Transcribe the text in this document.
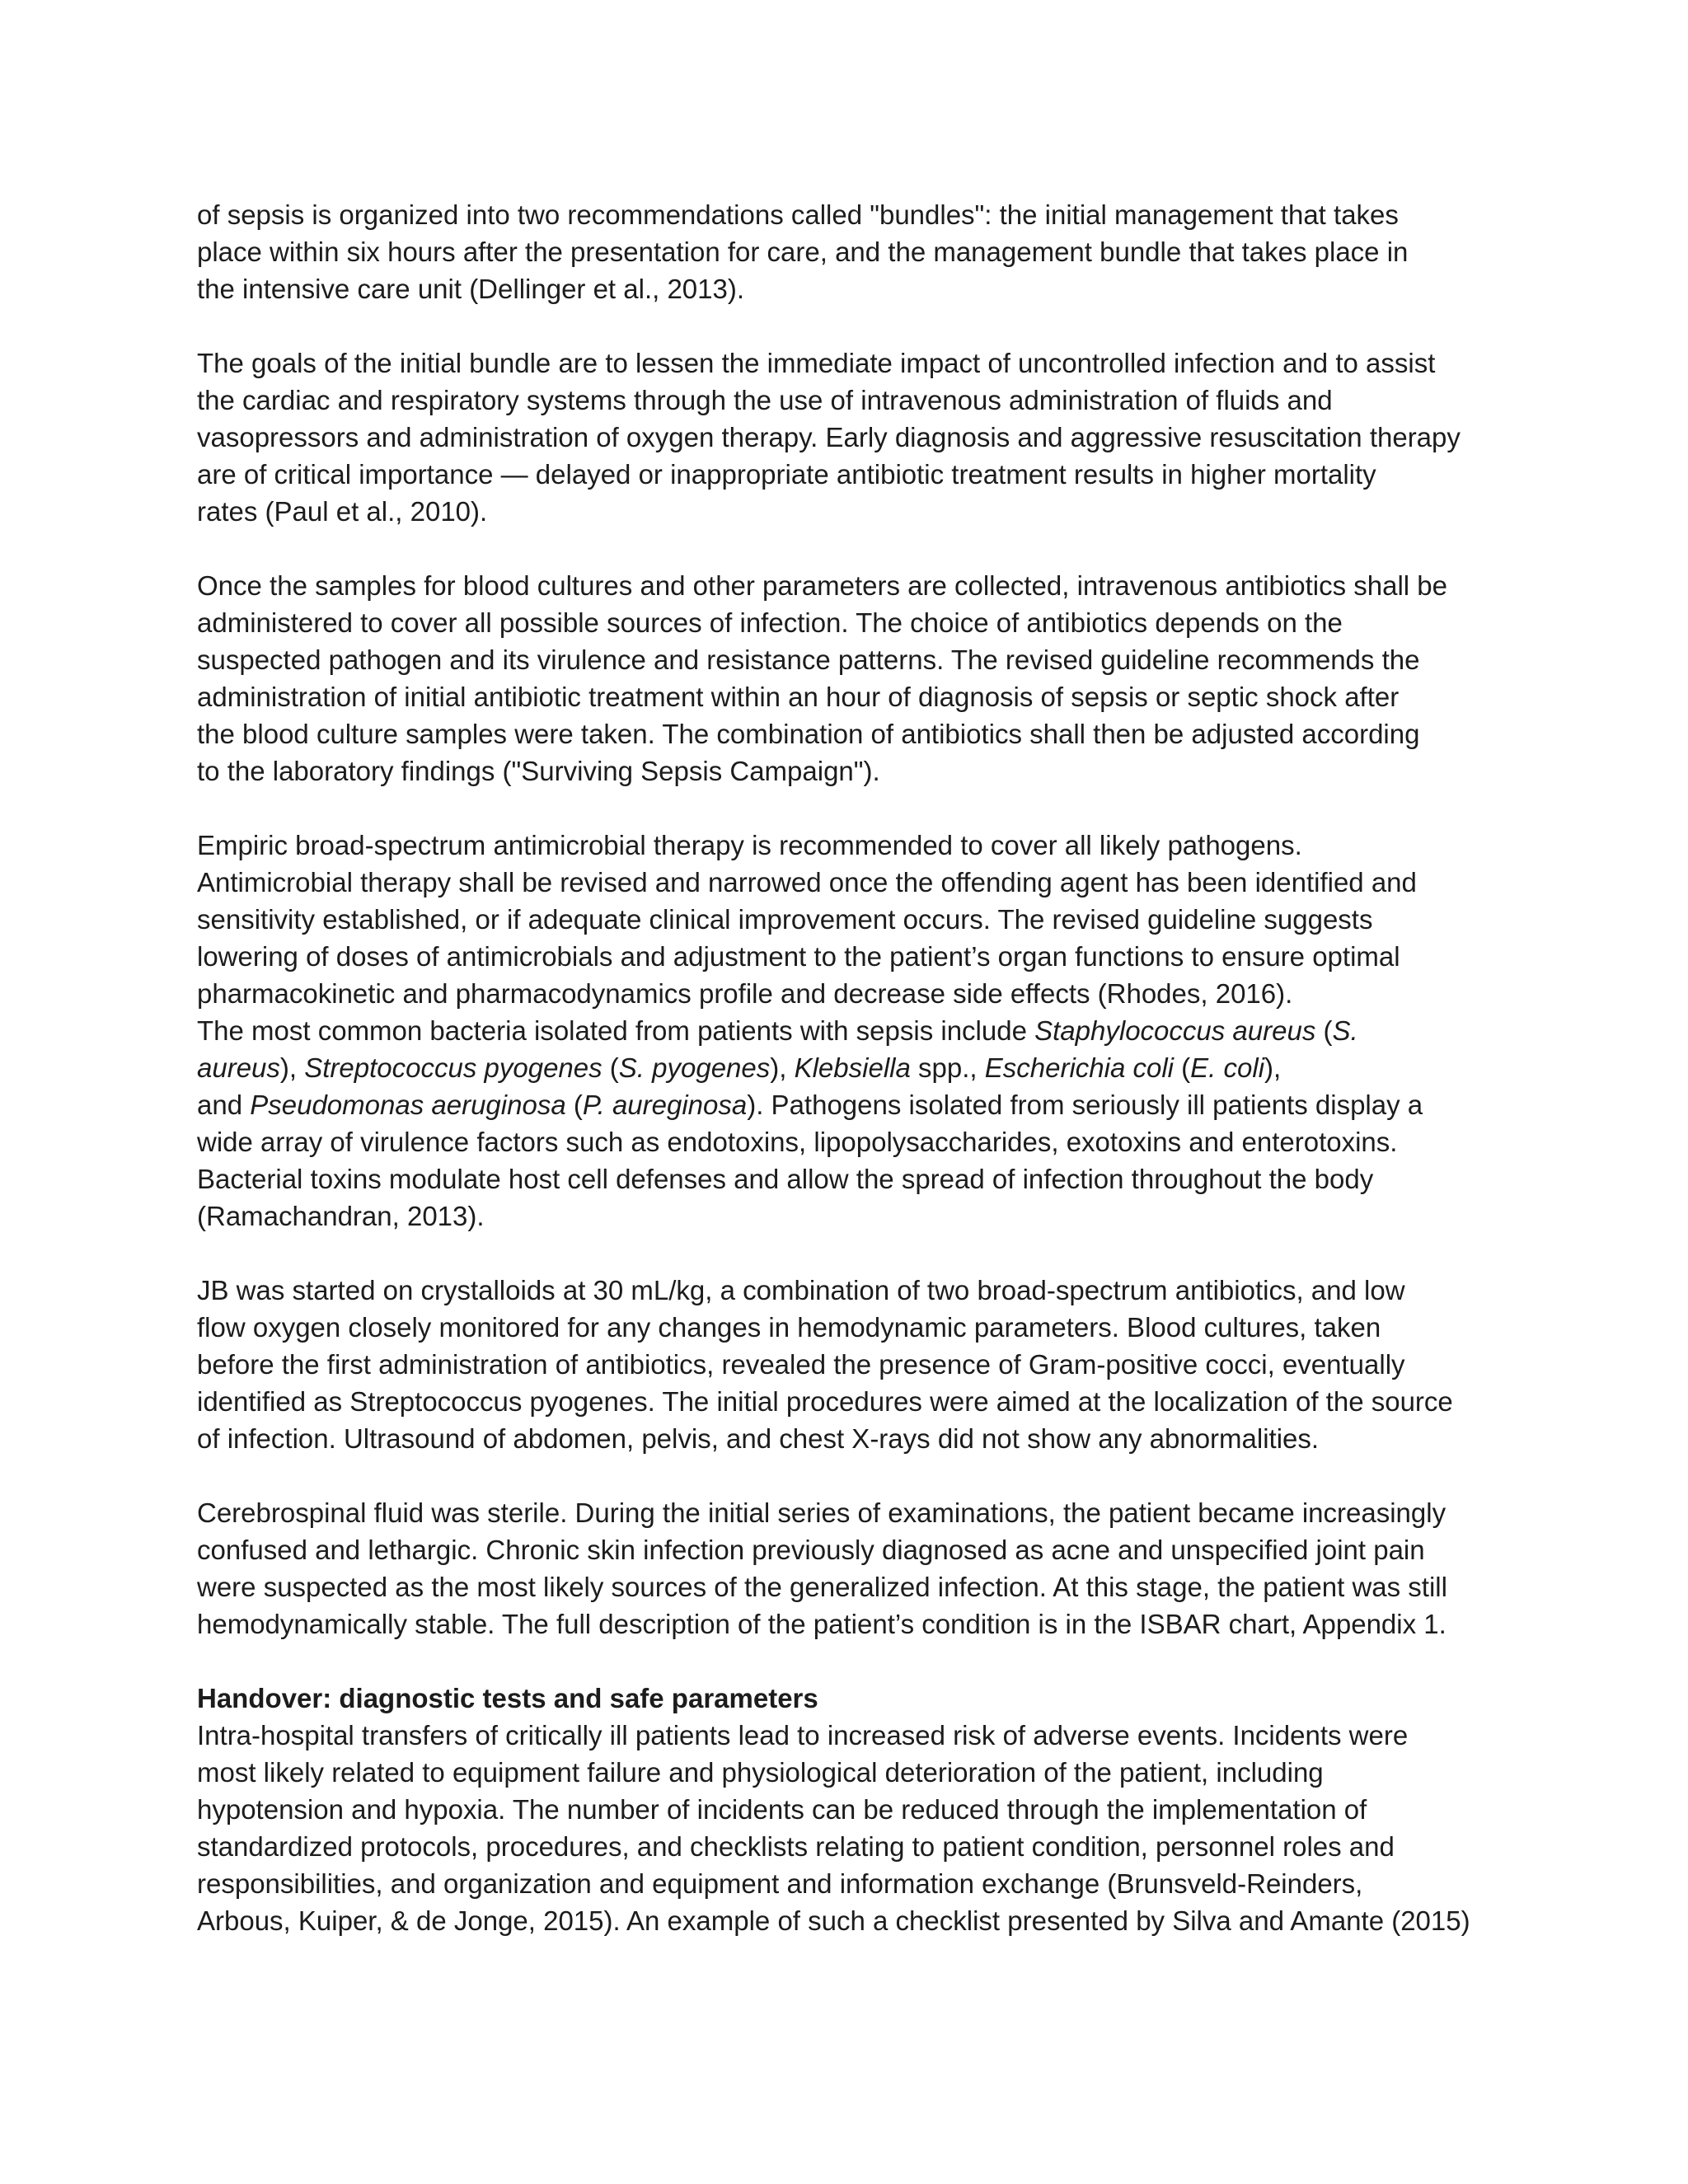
of sepsis is organized into two recommendations called "bundles": the initial management that takes
place within six hours after the presentation for care, and the management bundle that takes place in
the intensive care unit (Dellinger et al., 2013).

The goals of the initial bundle are to lessen the immediate impact of uncontrolled infection and to assist
the cardiac and respiratory systems through the use of intravenous administration of fluids and
vasopressors and administration of oxygen therapy. Early diagnosis and aggressive resuscitation therapy
are of critical importance — delayed or inappropriate antibiotic treatment results in higher mortality
rates (Paul et al., 2010).

Once the samples for blood cultures and other parameters are collected, intravenous antibiotics shall be
administered to cover all possible sources of infection. The choice of antibiotics depends on the
suspected pathogen and its virulence and resistance patterns. The revised guideline recommends the
administration of initial antibiotic treatment within an hour of diagnosis of sepsis or septic shock after
the blood culture samples were taken. The combination of antibiotics shall then be adjusted according
to the laboratory findings ("Surviving Sepsis Campaign").

Empiric broad-spectrum antimicrobial therapy is recommended to cover all likely pathogens.
Antimicrobial therapy shall be revised and narrowed once the offending agent has been identified and
sensitivity established, or if adequate clinical improvement occurs. The revised guideline suggests
lowering of doses of antimicrobials and adjustment to the patient’s organ functions to ensure optimal
pharmacokinetic and pharmacodynamics profile and decrease side effects (Rhodes, 2016).

The most common bacteria isolated from patients with sepsis include Staphylococcus aureus (S.
aureus), Streptococcus pyogenes (S. pyogenes), Klebsiella spp., Escherichia coli (E. coli),
and Pseudomonas aeruginosa (P. aureginosa). Pathogens isolated from seriously ill patients display a
wide array of virulence factors such as endotoxins, lipopolysaccharides, exotoxins and enterotoxins.
Bacterial toxins modulate host cell defenses and allow the spread of infection throughout the body
(Ramachandran, 2013).

JB was started on crystalloids at 30 mL/kg, a combination of two broad-spectrum antibiotics, and low
flow oxygen closely monitored for any changes in hemodynamic parameters. Blood cultures, taken
before the first administration of antibiotics, revealed the presence of Gram-positive cocci, eventually
identified as Streptococcus pyogenes. The initial procedures were aimed at the localization of the source
of infection. Ultrasound of abdomen, pelvis, and chest X-rays did not show any abnormalities.

Cerebrospinal fluid was sterile. During the initial series of examinations, the patient became increasingly
confused and lethargic. Chronic skin infection previously diagnosed as acne and unspecified joint pain
were suspected as the most likely sources of the generalized infection. At this stage, the patient was still
hemodynamically stable. The full description of the patient’s condition is in the ISBAR chart, Appendix 1.

Handover: diagnostic tests and safe parameters

Intra-hospital transfers of critically ill patients lead to increased risk of adverse events. Incidents were
most likely related to equipment failure and physiological deterioration of the patient, including
hypotension and hypoxia. The number of incidents can be reduced through the implementation of
standardized protocols, procedures, and checklists relating to patient condition, personnel roles and
responsibilities, and organization and equipment and information exchange (Brunsveld-Reinders,
Arbous, Kuiper, & de Jonge, 2015). An example of such a checklist presented by Silva and Amante (2015)
